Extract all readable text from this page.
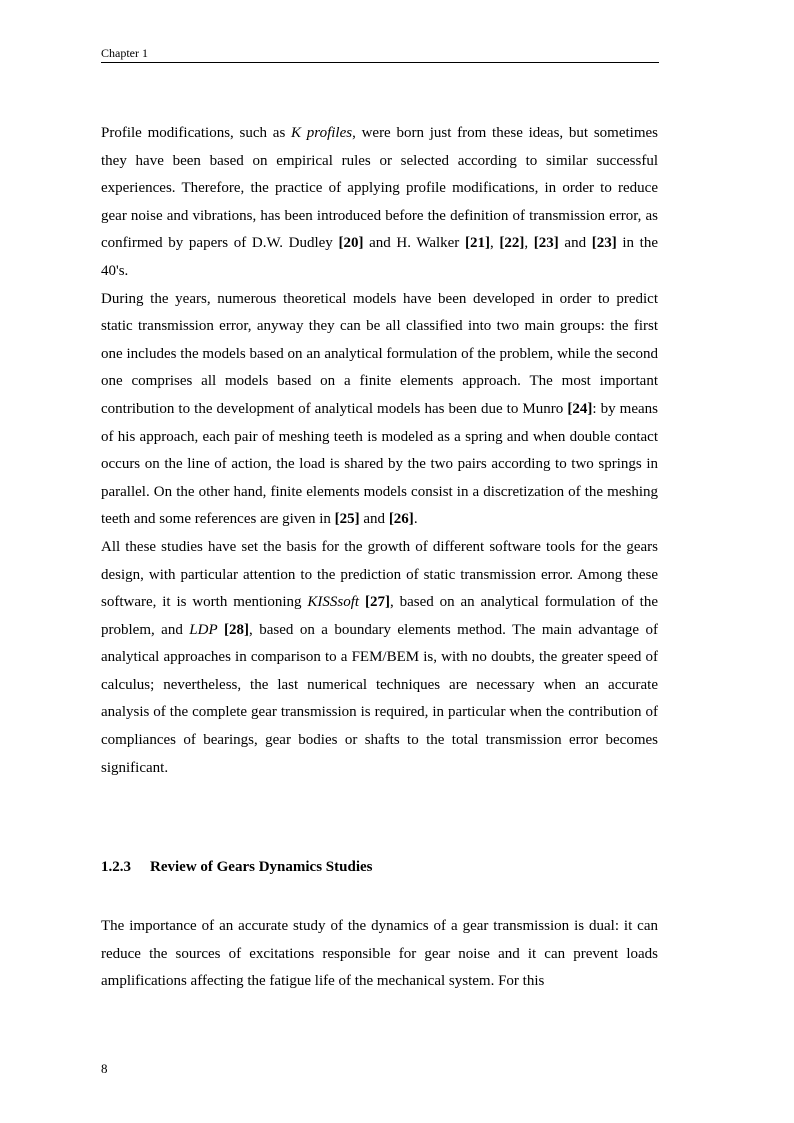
Chapter 1

Profile modifications, such as K profiles, were born just from these ideas, but sometimes they have been based on empirical rules or selected according to similar successful experiences. Therefore, the practice of applying profile modifications, in order to reduce gear noise and vibrations, has been introduced before the definition of transmission error, as confirmed by papers of D.W. Dudley [20] and H. Walker [21], [22], [23] and [23] in the 40's.

During the years, numerous theoretical models have been developed in order to predict static transmission error, anyway they can be all classified into two main groups: the first one includes the models based on an analytical formulation of the problem, while the second one comprises all models based on a finite elements approach. The most important contribution to the development of analytical models has been due to Munro [24]: by means of his approach, each pair of meshing teeth is modeled as a spring and when double contact occurs on the line of action, the load is shared by the two pairs according to two springs in parallel. On the other hand, finite elements models consist in a discretization of the meshing teeth and some references are given in [25] and [26].

All these studies have set the basis for the growth of different software tools for the gears design, with particular attention to the prediction of static transmission error. Among these software, it is worth mentioning KISSsoft [27], based on an analytical formulation of the problem, and LDP [28], based on a boundary elements method. The main advantage of analytical approaches in comparison to a FEM/BEM is, with no doubts, the greater speed of calculus; nevertheless, the last numerical techniques are necessary when an accurate analysis of the complete gear transmission is required, in particular when the contribution of compliances of bearings, gear bodies or shafts to the total transmission error becomes significant.

1.2.3 Review of Gears Dynamics Studies

The importance of an accurate study of the dynamics of a gear transmission is dual: it can reduce the sources of excitations responsible for gear noise and it can prevent loads amplifications affecting the fatigue life of the mechanical system. For this

8
